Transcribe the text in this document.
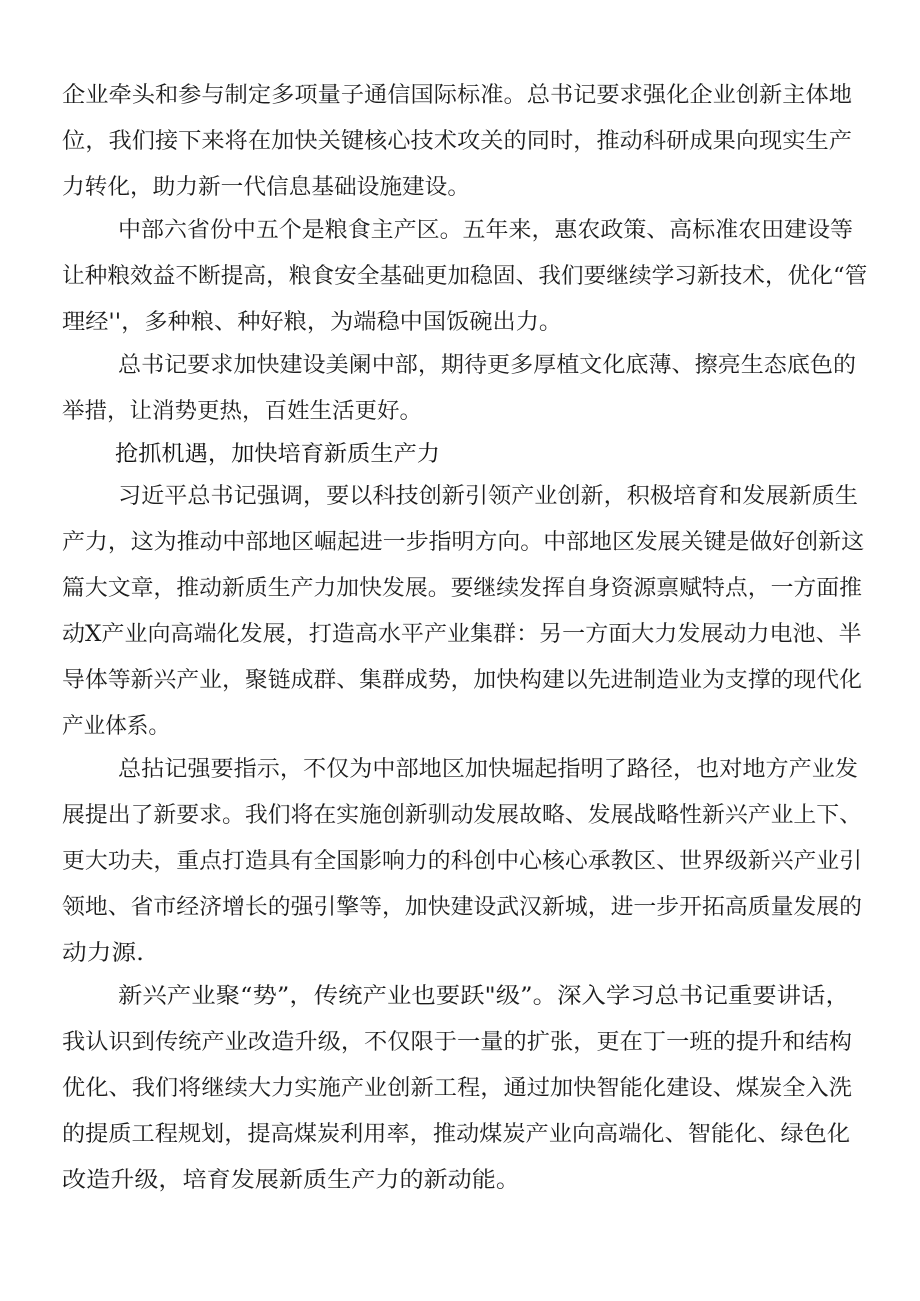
企业牵头和参与制定多项量子通信国际标准。总书记要求强化企业创新主体地

位，我们接下来将在加快关键核心技术攻关的同时，推动科研成果向现实生产

力转化，助力新一代信息基础设施建设。

中部六省份中五个是粮食主产区。五年来，惠农政策、高标准农田建设等

让种粮效益不断提高，粮食安全基础更加稳固、我们要继续学习新技术，优化“管

理经''，多种粮、种好粮，为端稳中国饭碗出力。

总书记要求加快建设美阑中部，期待更多厚植文化底薄、擦亮生态底色的

举措，让消势更热，百姓生活更好。

抢抓机遇，加快培育新质生产力

习近平总书记强调，要以科技创新引领产业创新，积极培育和发展新质生

产力，这为推动中部地区崛起进一步指明方向。中部地区发展关键是做好创新这

篇大文章，推动新质生产力加快发展。要继续发挥自身资源禀赋特点，一方面推

动X产业向高端化发展，打造高水平产业集群：另一方面大力发展动力电池、半

导体等新兴产业，聚链成群、集群成势，加快构建以先进制造业为支撑的现代化

产业体系。

总拈记强要指示，不仅为中部地区加快堀起指明了路径，也对地方产业发

展提出了新要求。我们将在实施创新驯动发展故略、发展战略性新兴产业上下、

更大功夫，重点打造具有全国影响力的科创中心核心承教区、世界级新兴产业引

领地、省市经济增长的强引擎等，加快建设武汉新城，进一步开拓高质量发展的

动力源.

新兴产业聚“势”，传统产业也要跃"级”。深入学习总书记重要讲话，

我认识到传统产业改造升级，不仅限于一量的扩张，更在丁一班的提升和结构

优化、我们将继续大力实施产业创新工程，通过加快智能化建设、煤炭全入洗

的提质工程规划，提高煤炭利用率，推动煤炭产业向高端化、智能化、绿色化

改造升级，培育发展新质生产力的新动能。
